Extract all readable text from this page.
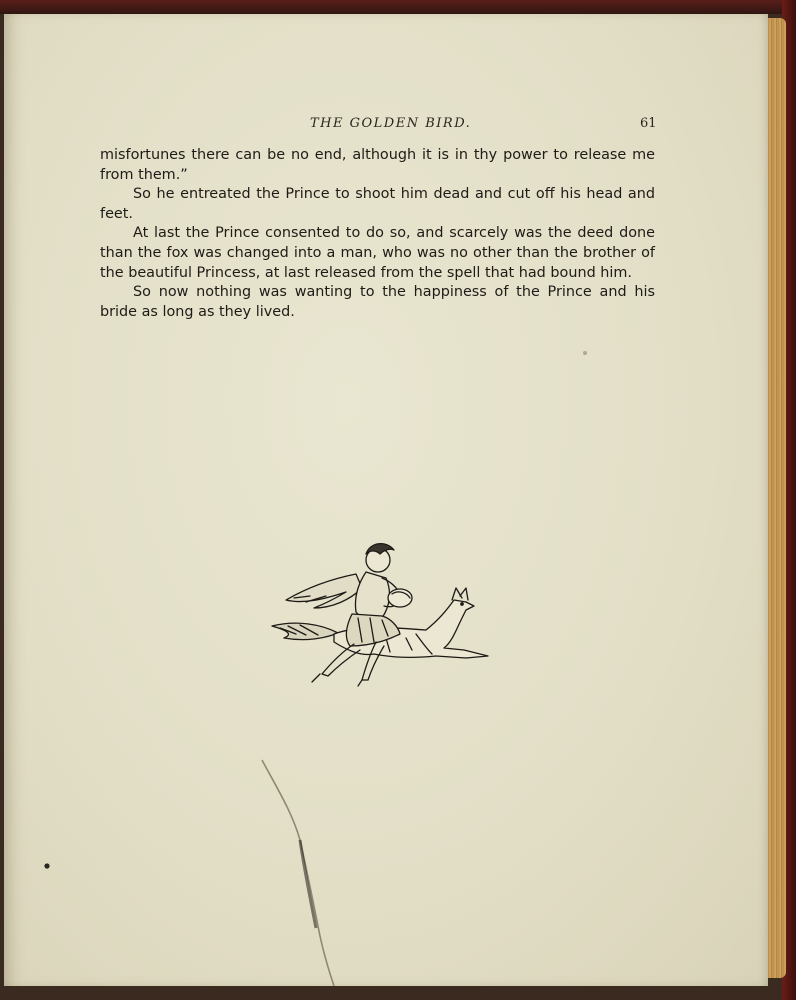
THE GOLDEN BIRD.	61

misfortunes there can be no end, although it is in thy power to release me from them.”

So he entreated the Prince to shoot him dead and cut off his head and feet.

At last the Prince consented to do so, and scarcely was the deed done than the fox was changed into a man, who was no other than the brother of the beautiful Princess, at last released from the spell that had bound him.

So now nothing was wanting to the happiness of the Prince and his bride as long as they lived.
